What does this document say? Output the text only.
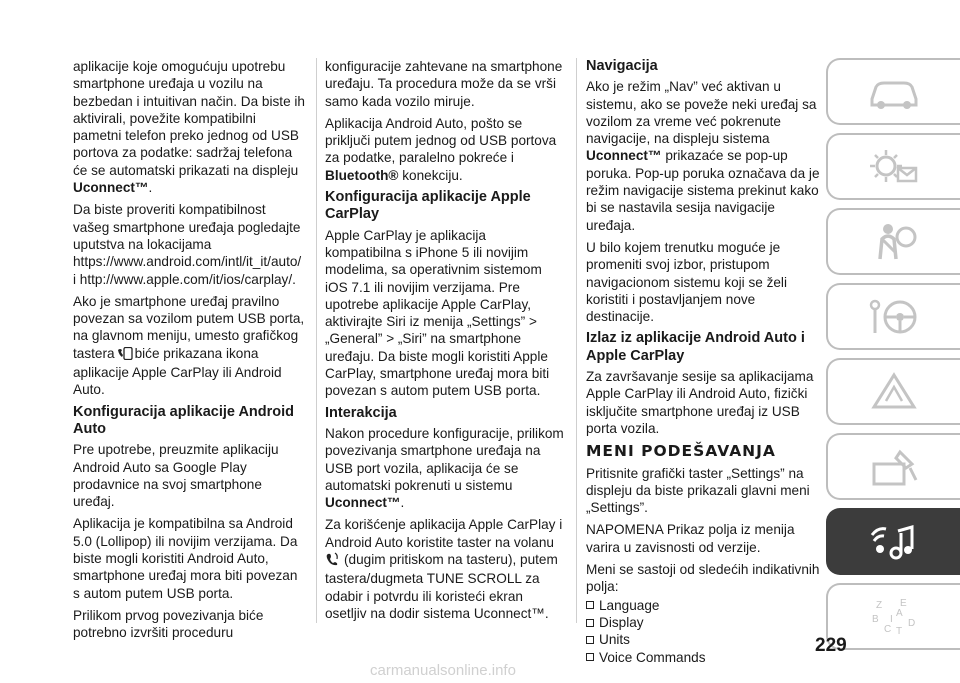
aplikacije koje omogućuju upotrebu smartphone uređaja u vozilu na bezbedan i intuitivan način. Da biste ih aktivirali, povežite kompatibilni pametni telefon preko jednog od USB portova za podatke: sadržaj telefona će se automatski prikazati na displeju Uconnect™.

Da biste proveriti kompatibilnost vašeg smartphone uređaja pogledajte uputstva na lokacijama https://www.android.com/intl/it_it/auto/ i http://www.apple.com/it/ios/carplay/.

Ako je smartphone uređaj pravilno povezan sa vozilom putem USB porta, na glavnom meniju, umesto grafičkog tastera biće prikazana ikona aplikacije Apple CarPlay ili Android Auto.

Konfiguracija aplikacije Android Auto

Pre upotrebe, preuzmite aplikaciju Android Auto sa Google Play prodavnice na svoj smartphone uređaj.

Aplikacija je kompatibilna sa Android 5.0 (Lollipop) ili novijim verzijama. Da biste mogli koristiti Android Auto, smartphone uređaj mora biti povezan s autom putem USB porta.

Prilikom prvog povezivanja biće potrebno izvršiti proceduru

konfiguracije zahtevane na smartphone uređaju. Ta procedura može da se vrši samo kada vozilo miruje.

Aplikacija Android Auto, pošto se priključi putem jednog od USB portova za podatke, paralelno pokreće i Bluetooth® konekciju.

Konfiguracija aplikacije Apple CarPlay

Apple CarPlay je aplikacija kompatibilna s iPhone 5 ili novijim modelima, sa operativnim sistemom iOS 7.1 ili novijim verzijama. Pre upotrebe aplikacije Apple CarPlay, aktivirajte Siri iz menija „Settings” > „General” > „Siri” na smartphone uređaju. Da biste mogli koristiti Apple CarPlay, smartphone uređaj mora biti povezan s autom putem USB porta.

Interakcija

Nakon procedure konfiguracije, prilikom povezivanja smartphone uređaja na USB port vozila, aplikacija će se automatski pokrenuti u sistemu Uconnect™.

Za korišćenje aplikacija Apple CarPlay i Android Auto koristite taster na volanu (dugim pritiskom na tasteru), putem tastera/dugmeta TUNE SCROLL za odabir i potvrdu ili koristeći ekran osetljiv na dodir sistema Uconnect™.

Navigacija

Ako je režim „Nav” već aktivan u sistemu, ako se poveže neki uređaj sa vozilom za vreme već pokrenute navigacije, na displeju sistema Uconnect™ prikazaće se pop-up poruka. Pop-up poruka označava da je režim navigacije sistema prekinut kako bi se nastavila sesija navigacije uređaja.

U bilo kojem trenutku moguće je promeniti svoj izbor, pristupom navigacionom sistemu koji se želi koristiti i postavljanjem nove destinacije.

Izlaz iz aplikacije Android Auto i Apple CarPlay

Za završavanje sesije sa aplikacijama Apple CarPlay ili Android Auto, fizički isključite smartphone uređaj iz USB porta vozila.

MENI PODEŠAVANJA

Pritisnite grafički taster „Settings” na displeju da biste prikazali glavni meni „Settings”.

NAPOMENA Prikaz polja iz menija varira u zavisnosti od verzije.

Meni se sastoji od sledećih indikativnih polja:

Language
Display
Units
Voice Commands
Z E
A
B
C
I
T
D
229
carmanualsonline.info
